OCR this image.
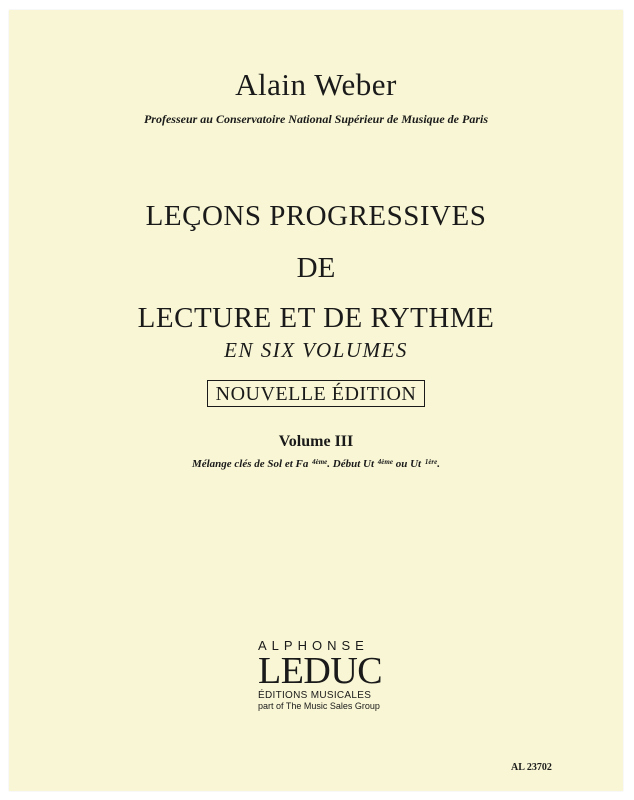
Alain Weber
Professeur au Conservatoire National Supérieur de Musique de Paris
LEÇONS PROGRESSIVES
DE
LECTURE ET DE RYTHME
EN SIX VOLUMES
NOUVELLE ÉDITION
Volume III
Mélange clés de Sol et Fa $^{4ème}$. Début Ut $^{4ème}$ ou Ut $^{1ère}$.
ALPHONSE
LEDUC
ÉDITIONS MUSICALES
part of The Music Sales Group
AL 23702
